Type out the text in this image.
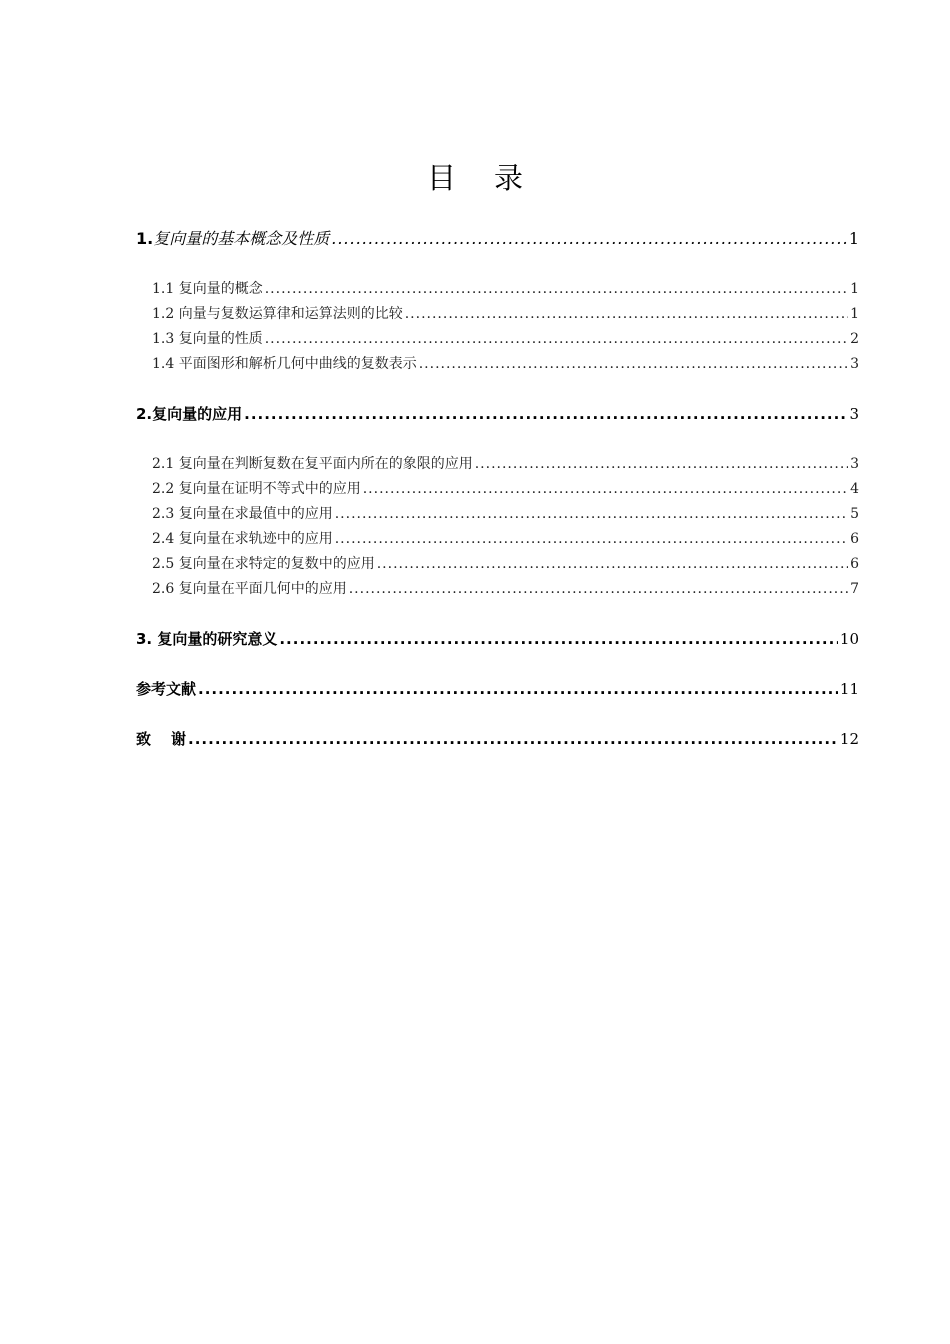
目 录
1.复向量的基本概念及性质 .....	1
1.1 复向量的概念 .....	1
1.2 向量与复数运算律和运算法则的比较 .....	1
1.3 复向量的性质 .....	2
1.4 平面图形和解析几何中曲线的复数表示 .....	3
2.复向量的应用 .....	3
2.1 复向量在判断复数在复平面内所在的象限的应用 .....	3
2.2 复向量在证明不等式中的应用 .....	4
2.3 复向量在求最值中的应用 .....	5
2.4 复向量在求轨迹中的应用 .....	6
2.5 复向量在求特定的复数中的应用 .....	6
2.6 复向量在平面几何中的应用 .....	7
3. 复向量的研究意义 .....	10
参考文献 .....	11
致 谢 .....	12
